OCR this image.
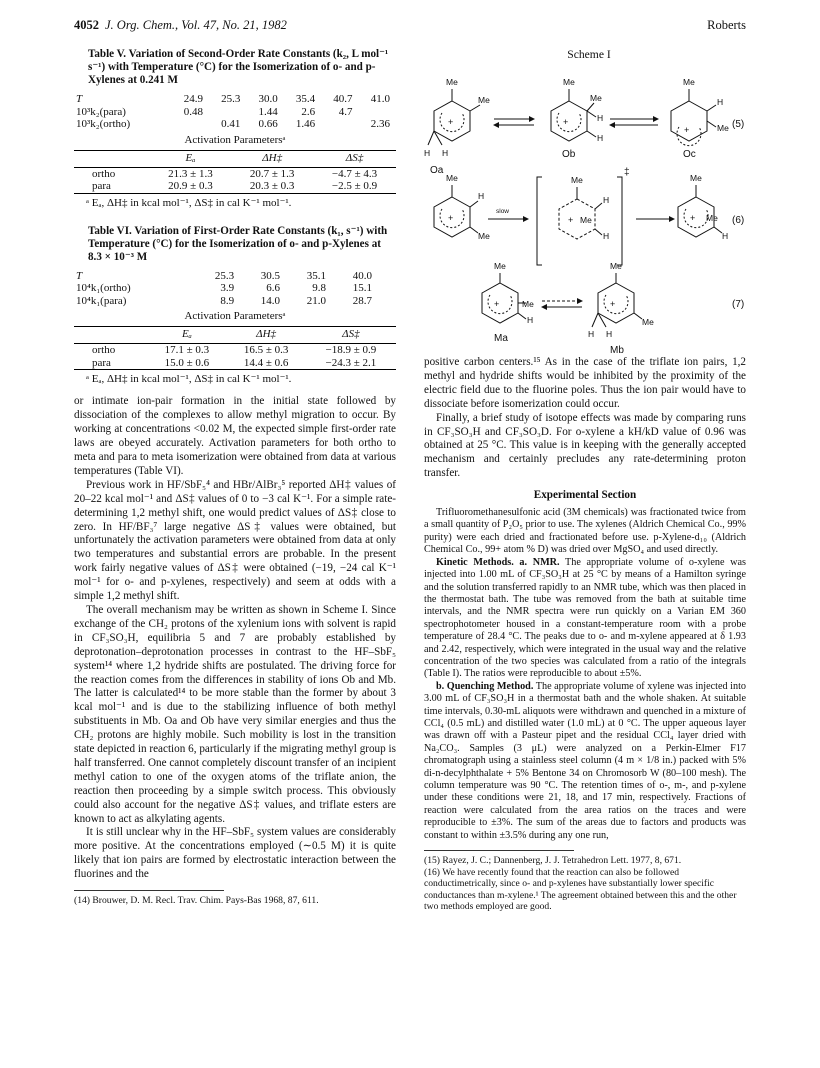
4052 J. Org. Chem., Vol. 47, No. 21, 1982	Roberts
Table V. Variation of Second-Order Rate Constants (k₂, L mol⁻¹ s⁻¹) with Temperature (°C) for the Isomerization of o- and p-Xylenes at 0.241 M
T	24.9	25.3	30.0	35.4	40.7	41.0
10³k₂(para)	0.48		1.44	2.6	4.7	
10³k₂(ortho)		0.41	0.66	1.46		2.36
Activation Parametersᵃ
	Eₐ	ΔH‡	ΔS‡
ortho	21.3 ± 1.3	20.7 ± 1.3	−4.7 ± 4.3
para	20.9 ± 0.3	20.3 ± 0.3	−2.5 ± 0.9
ᵃ Eₐ, ΔH‡ in kcal mol⁻¹, ΔS‡ in cal K⁻¹ mol⁻¹.
Table VI. Variation of First-Order Rate Constants (k₁, s⁻¹) with Temperature (°C) for the Isomerization of o- and p-Xylenes at 8.3 × 10⁻³ M
T	25.3	30.5	35.1	40.0
10⁴k₁(ortho)	3.9	6.6	9.8	15.1
10⁴k₁(para)	8.9	14.0	21.0	28.7
Activation Parametersᵃ
	Eₐ	ΔH‡	ΔS‡
ortho	17.1 ± 0.3	16.5 ± 0.3	−18.9 ± 0.9
para	15.0 ± 0.6	14.4 ± 0.6	−24.3 ± 2.1
ᵃ Eₐ, ΔH‡ in kcal mol⁻¹, ΔS‡ in cal K⁻¹ mol⁻¹.

or intimate ion-pair formation in the initial state followed by dissociation of the complexes to allow methyl migration to occur. By working at concentrations <0.02 M, the expected simple first-order rate laws are obeyed accurately. Activation parameters for both ortho to meta and para to meta isomerization were obtained from data at various temperatures (Table VI).

Previous work in HF/SbF₅⁴ and HBr/AlBr₃⁵ reported ΔH‡ values of 20–22 kcal mol⁻¹ and ΔS‡ values of 0 to −3 cal K⁻¹. For a simple rate-determining 1,2 methyl shift, one would predict values of ΔS‡ close to zero. In HF/BF₃⁷ large negative ΔS‡ values were obtained, but unfortunately the activation parameters were obtained from data at only two temperatures and substantial errors are probable. In the present work fairly negative values of ΔS‡ were obtained (−19, −24 cal K⁻¹ mol⁻¹ for o- and p-xylenes, respectively) and seem at odds with a simple 1,2 methyl shift.

The overall mechanism may be written as shown in Scheme I. Since exchange of the CH₂ protons of the xylenium ions with solvent is rapid in CF₃SO₃H, equilibria 5 and 7 are probably established by deprotonation–deprotonation processes in contrast to the HF–SbF₅ system¹⁴ where 1,2 hydride shifts are postulated. The driving force for the reaction comes from the differences in stability of ions Ob and Mb. The latter is calculated¹⁴ to be more stable than the former by about 3 kcal mol⁻¹ and is due to the stabilizing influence of both methyl substituents in Mb. Oa and Ob have very similar energies and thus the CH₂ protons are highly mobile. Such mobility is lost in the transition state depicted in reaction 6, particularly if the migrating methyl group is half transferred. One cannot completely discount transfer of an incipient methyl cation to one of the oxygen atoms of the triflate anion, the reaction then proceeding by a simple switch process. This obviously could also account for the negative ΔS‡ values, and triflate esters are known to act as alkylating agents.

It is still unclear why in the HF–SbF₅ system values are considerably more positive. At the concentrations employed (∼0.5 M) it is quite likely that ion pairs are formed by electrostatic interaction between the fluorines and the

(14) Brouwer, D. M. Recl. Trav. Chim. Pays-Bas 1968, 87, 611.
Scheme I
Me
Me
+
H H
Oa
Me
Me
H
H
+
Ob
Me
H
Me
+	(5)
Oc
Me
H
Me
+
slow
Me
H
H
Me
+
‡	Me
Me
H
+	(6)
Me
Me
H
+
Ma
Me
Me
H H
+
Mb
(7)

positive carbon centers.¹⁵ As in the case of the triflate ion pairs, 1,2 methyl and hydride shifts would be inhibited by the proximity of the electric field due to the fluorine poles. Thus the ion pair would have to dissociate before isomerization could occur.

Finally, a brief study of isotope effects was made by comparing runs in CF₃SO₃H and CF₃SO₃D. For o-xylene a kH/kD value of 0.96 was obtained at 25 °C. This value is in keeping with the generally accepted mechanism and certainly precludes any rate-determining proton transfer.

Experimental Section

Trifluoromethanesulfonic acid (3M chemicals) was fractionated twice from a small quantity of P₂O₅ prior to use. The xylenes (Aldrich Chemical Co., 99% purity) were each dried and fractionated before use. p-Xylene-d₁₀ (Aldrich Chemical Co., 99+ atom % D) was dried over MgSO₄ and used directly.

Kinetic Methods. a. NMR. The appropriate volume of o-xylene was injected into 1.00 mL of CF₃SO₃H at 25 °C by means of a Hamilton syringe and the solution transferred rapidly to an NMR tube, which was then placed in the thermostat bath. The tube was removed from the bath at suitable time intervals, and the NMR spectra were run quickly on a Varian EM 360 spectrophotometer housed in a constant-temperature room with a probe temperature of 28.4 °C. The peaks due to o- and m-xylene appeared at δ 1.93 and 2.42, respectively, which were integrated in the usual way and the relative concentration of the two species was calculated from a ratio of the integrals (Table I). The ratios were reproducible to about ±5%.

b. Quenching Method. The appropriate volume of xylene was injected into 3.00 mL of CF₃SO₃H in a thermostat bath and the whole shaken. At suitable time intervals, 0.30-mL aliquots were withdrawn and quenched in a mixture of CCl₄ (0.5 mL) and distilled water (1.0 mL) at 0 °C. The upper aqueous layer was drawn off with a Pasteur pipet and the residual CCl₄ layer dried with Na₂CO₃. Samples (3 μL) were analyzed on a Perkin-Elmer F17 chromatograph using a stainless steel column (4 m × 1/8 in.) packed with 5% di-n-decylphthalate + 5% Bentone 34 on Chromosorb W (80–100 mesh). The column temperature was 90 °C. The retention times of o-, m-, and p-xylene under these conditions were 21, 18, and 17 min, respectively. Fractions of reaction were calculated from the area ratios on the traces and were reproducible to ±3%. The sum of the areas due to factors and products was constant to within ±3.5% during any one run,

(15) Rayez, J. C.; Dannenberg, J. J. Tetrahedron Lett. 1977, 8, 671.
(16) We have recently found that the reaction can also be followed conductimetrically, since o- and p-xylenes have substantially lower specific conductances than m-xylene.¹ The agreement obtained between this and the other two methods employed are good.
